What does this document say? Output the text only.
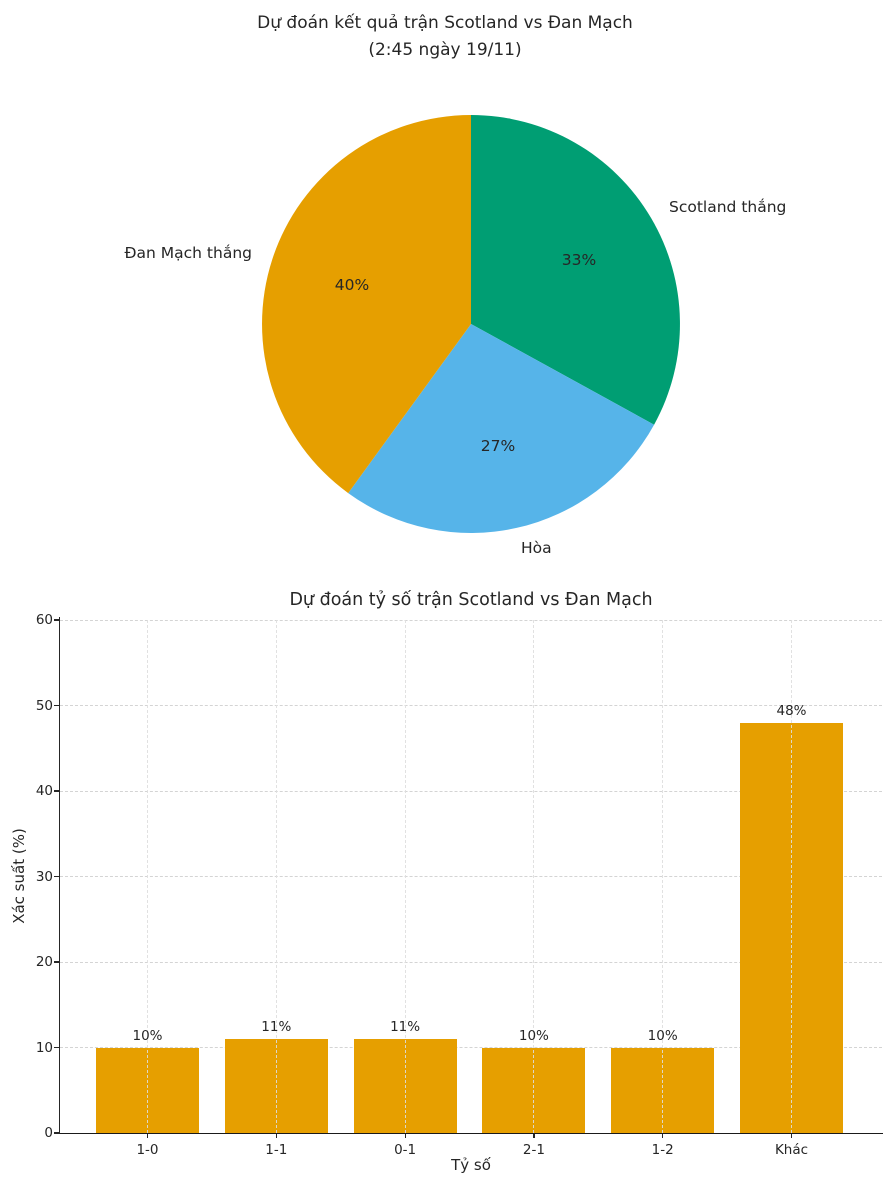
Dự đoán kết quả trận Scotland vs Đan Mạch
(2:45 ngày 19/11)
Scotland thắng
33%
Hòa
27%
Đan Mạch thắng
40%
Dự đoán tỷ số trận Scotland vs Đan Mạch
Xác suất (%)
Tỷ số
0
10
20
30
40
50
60
1-0
10%
1-1
11%
0-1
11%
2-1
10%
1-2
10%
Khác
48%
